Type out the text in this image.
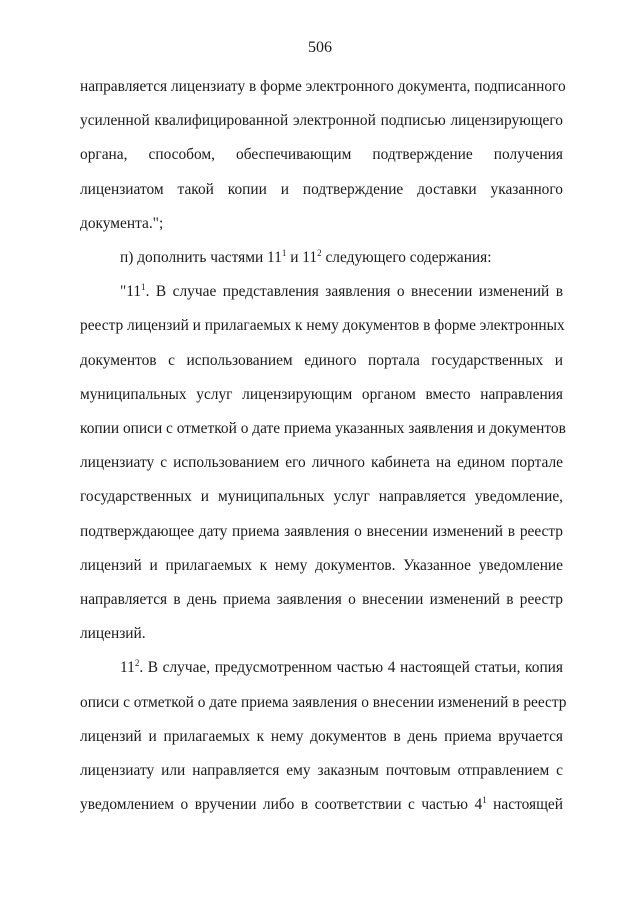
506
направляется лицензиату в форме электронного документа, подписанного
усиленной квалифицированной электронной подписью лицензирующего
органа, способом, обеспечивающим подтверждение получения
лицензиатом такой копии и подтверждение доставки указанного
документа.";
п) дополнить частями $11^1$ и $11^2$ следующего содержания:
"$11^1$. В случае представления заявления о внесении изменений в
реестр лицензий и прилагаемых к нему документов в форме электронных
документов с использованием единого портала государственных и
муниципальных услуг лицензирующим органом вместо направления
копии описи с отметкой о дате приема указанных заявления и документов
лицензиату с использованием его личного кабинета на едином портале
государственных и муниципальных услуг направляется уведомление,
подтверждающее дату приема заявления о внесении изменений в реестр
лицензий и прилагаемых к нему документов. Указанное уведомление
направляется в день приема заявления о внесении изменений в реестр
лицензий.
$11^2$. В случае, предусмотренном частью 4 настоящей статьи, копия
описи с отметкой о дате приема заявления о внесении изменений в реестр
лицензий и прилагаемых к нему документов в день приема вручается
лицензиату или направляется ему заказным почтовым отправлением с
уведомлением о вручении либо в соответствии с частью $4^1$ настоящей
